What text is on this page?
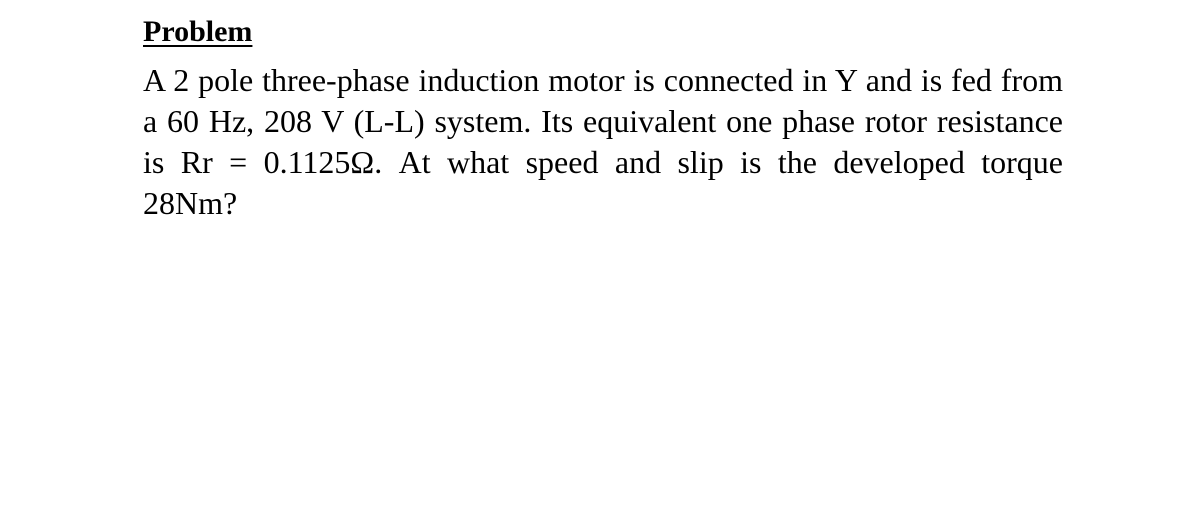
Problem

A 2 pole three-phase induction motor is connected in Y and is fed from a 60 Hz, 208 V (L-L) system. Its equivalent one phase rotor resistance is Rr = 0.1125Ω. At what speed and slip is the developed torque 28Nm?
